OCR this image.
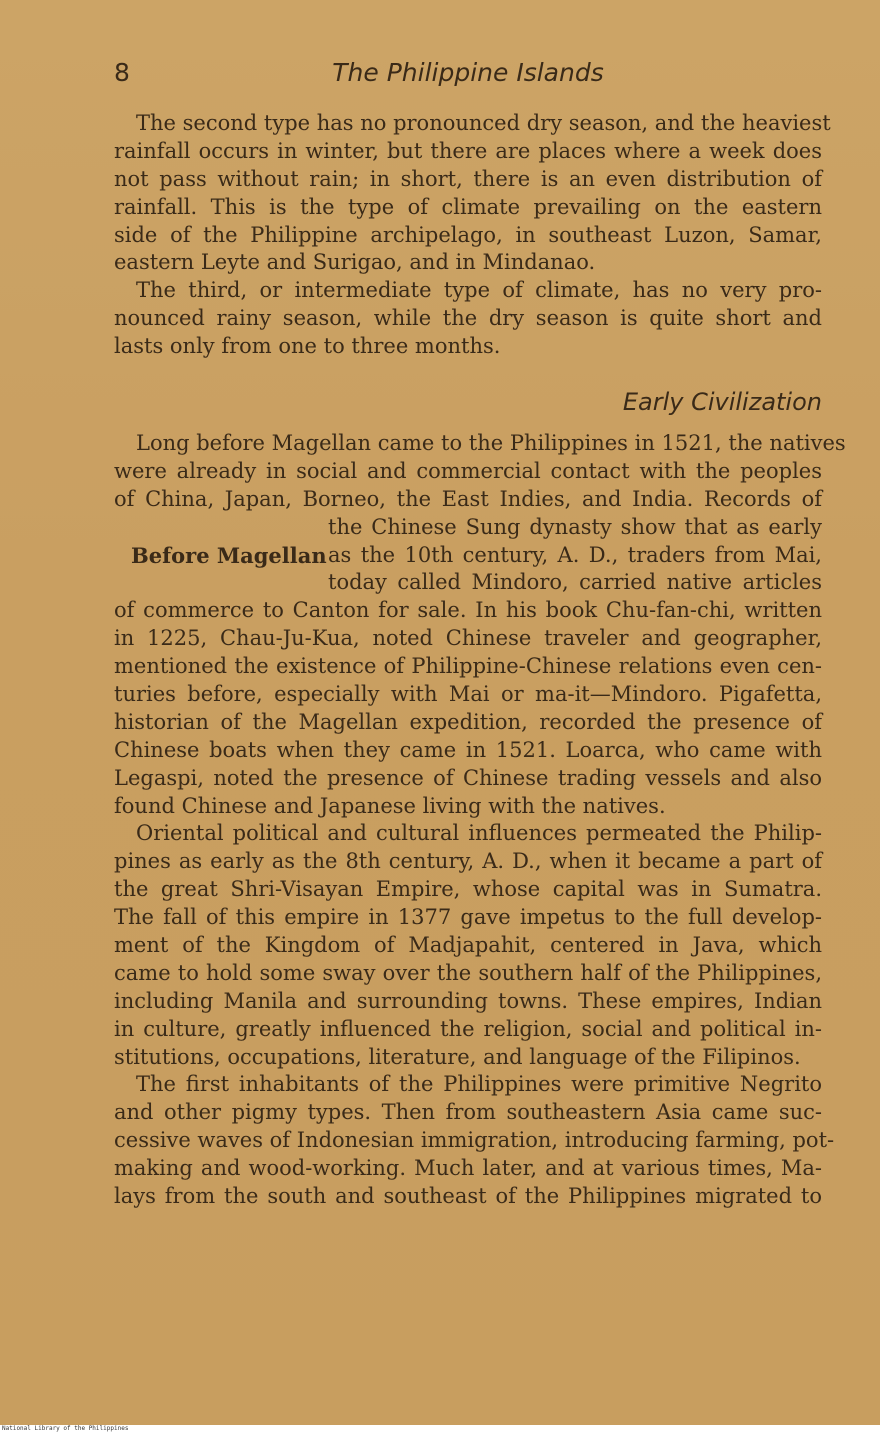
8	The Philippine Islands
The second type has no pronounced dry season, and the heaviest
rainfall occurs in winter, but there are places where a week does
not pass without rain; in short, there is an even distribution of
rainfall. This is the type of climate prevailing on the eastern
side of the Philippine archipelago, in southeast Luzon, Samar,
eastern Leyte and Surigao, and in Mindanao.
The third, or intermediate type of climate, has no very pro-
nounced rainy season, while the dry season is quite short and
lasts only from one to three months.
Early Civilization
Long before Magellan came to the Philippines in 1521, the natives
were already in social and commercial contact with the peoples
of China, Japan, Borneo, the East Indies, and India. Records of
the Chinese Sung dynasty show that as early
Before Magellan as the 10th century, A. D., traders from Mai,
today called Mindoro, carried native articles
of commerce to Canton for sale. In his book Chu-fan-chi, written
in 1225, Chau-Ju-Kua, noted Chinese traveler and geographer,
mentioned the existence of Philippine-Chinese relations even cen-
turies before, especially with Mai or ma-it—Mindoro. Pigafetta,
historian of the Magellan expedition, recorded the presence of
Chinese boats when they came in 1521. Loarca, who came with
Legaspi, noted the presence of Chinese trading vessels and also
found Chinese and Japanese living with the natives.
Oriental political and cultural influences permeated the Philip-
pines as early as the 8th century, A. D., when it became a part of
the great Shri-Visayan Empire, whose capital was in Sumatra.
The fall of this empire in 1377 gave impetus to the full develop-
ment of the Kingdom of Madjapahit, centered in Java, which
came to hold some sway over the southern half of the Philippines,
including Manila and surrounding towns. These empires, Indian
in culture, greatly influenced the religion, social and political in-
stitutions, occupations, literature, and language of the Filipinos.
The first inhabitants of the Philippines were primitive Negrito
and other pigmy types. Then from southeastern Asia came suc-
cessive waves of Indonesian immigration, introducing farming, pot-
making and wood-working. Much later, and at various times, Ma-
lays from the south and southeast of the Philippines migrated to
National Library of the Philippines
